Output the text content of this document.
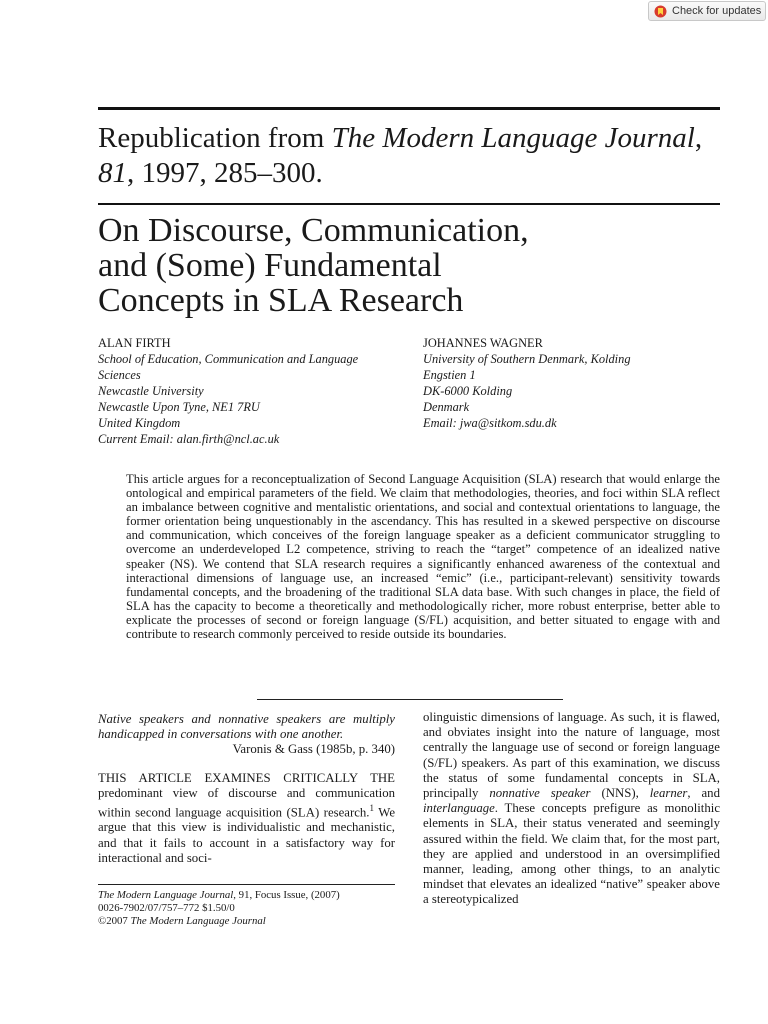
Check for updates
Republication from The Modern Language Journal, 81, 1997, 285–300.
On Discourse, Communication,
and (Some) Fundamental
Concepts in SLA Research
ALAN FIRTH
School of Education, Communication and Language
Sciences
Newcastle University
Newcastle Upon Tyne, NE1 7RU
United Kingdom
Current Email: alan.firth@ncl.ac.uk
JOHANNES WAGNER
University of Southern Denmark, Kolding
Engstien 1
DK-6000 Kolding
Denmark
Email: jwa@sitkom.sdu.dk
This article argues for a reconceptualization of Second Language Acquisition (SLA) research that would enlarge the ontological and empirical parameters of the field. We claim that methodologies, theories, and foci within SLA reflect an imbalance between cognitive and mentalistic orientations, and social and contextual orientations to language, the former orientation being unquestionably in the ascendancy. This has resulted in a skewed perspective on discourse and communication, which conceives of the foreign language speaker as a deficient communicator struggling to overcome an underdeveloped L2 competence, striving to reach the “target” competence of an idealized native speaker (NS). We contend that SLA research requires a significantly enhanced awareness of the contextual and interactional dimensions of language use, an increased “emic” (i.e., participant-relevant) sensitivity towards fundamental concepts, and the broadening of the traditional SLA data base. With such changes in place, the field of SLA has the capacity to become a theoretically and methodologically richer, more robust enterprise, better able to explicate the processes of second or foreign language (S/FL) acquisition, and better situated to engage with and contribute to research commonly perceived to reside outside its boundaries.

Native speakers and nonnative speakers are multiply handicapped in conversations with one another.

Varonis & Gass (1985b, p. 340)

THIS ARTICLE EXAMINES CRITICALLY THE predominant view of discourse and communication within second language acquisition (SLA) research.$^1$ We argue that this view is individualistic and mechanistic, and that it fails to account in a satisfactory way for interactional and soci-

olinguistic dimensions of language. As such, it is flawed, and obviates insight into the nature of language, most centrally the language use of second or foreign language (S/FL) speakers. As part of this examination, we discuss the status of some fundamental concepts in SLA, principally nonnative speaker (NNS), learner, and interlanguage. These concepts prefigure as monolithic elements in SLA, their status venerated and seemingly assured within the field. We claim that, for the most part, they are applied and understood in an oversimplified manner, leading, among other things, to an analytic mindset that elevates an idealized “native” speaker above a stereotypicalized

The Modern Language Journal, 91, Focus Issue, (2007)
0026-7902/07/757–772 $1.50/0
©2007 The Modern Language Journal
